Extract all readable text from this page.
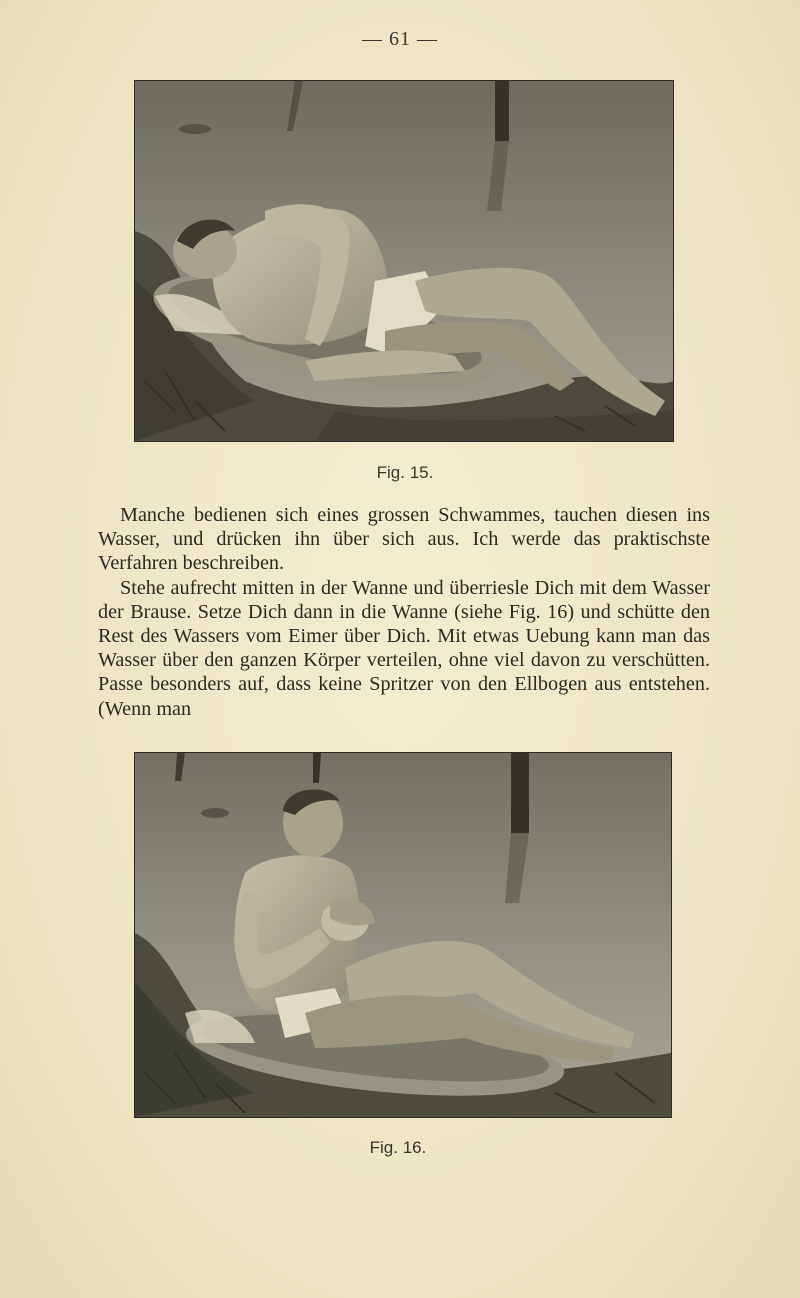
— 61 —
Fig. 15.

Manche bedienen sich eines grossen Schwammes, tauchen diesen ins Wasser, und drücken ihn über sich aus. Ich werde das praktischste Verfahren beschreiben.

Stehe aufrecht mitten in der Wanne und überriesle Dich mit dem Wasser der Brause. Setze Dich dann in die Wanne (siehe Fig. 16) und schütte den Rest des Wassers vom Eimer über Dich. Mit etwas Uebung kann man das Wasser über den ganzen Körper verteilen, ohne viel davon zu verschütten. Passe besonders auf, dass keine Spritzer von den Ellbogen aus entstehen. (Wenn man

Fig. 16.
